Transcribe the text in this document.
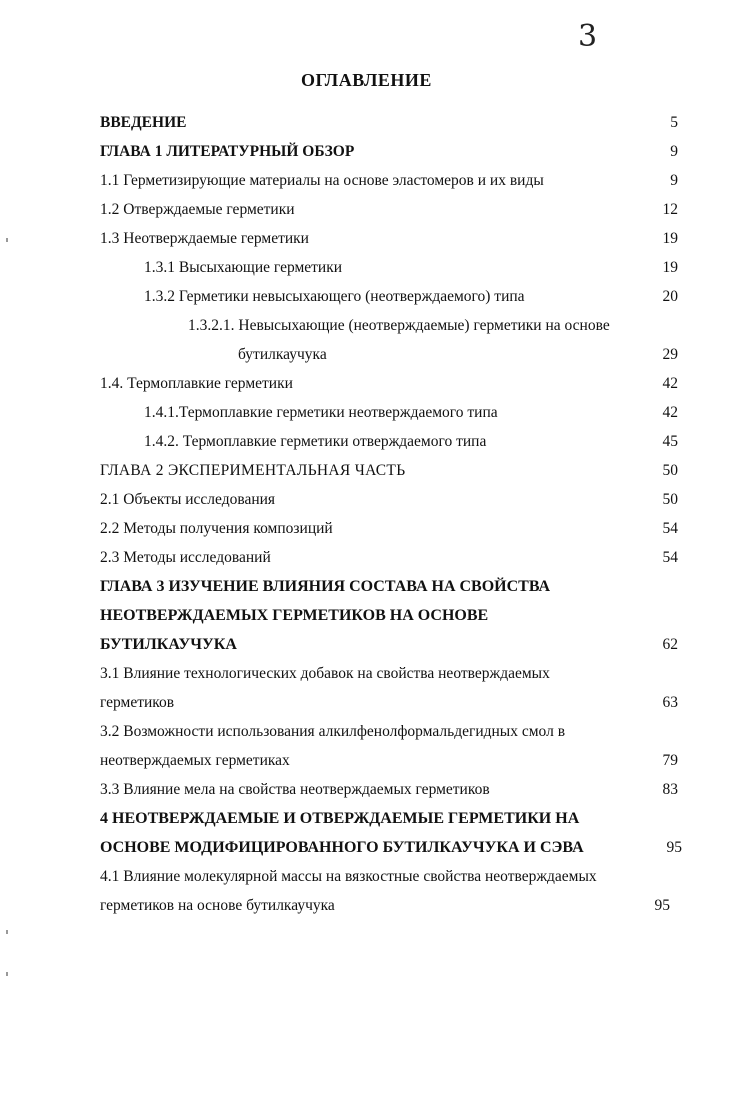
3
ОГЛАВЛЕНИЕ
ВВЕДЕНИЕ	5
ГЛАВА 1 ЛИТЕРАТУРНЫЙ ОБЗОР	9
1.1 Герметизирующие материалы на основе эластомеров и их виды	9
1.2 Отверждаемые герметики	12
1.3 Неотверждаемые герметики	19
1.3.1 Высыхающие герметики	19
1.3.2 Герметики невысыхающего (неотверждаемого) типа	20
1.3.2.1. Невысыхающие (неотверждаемые) герметики на основе
бутилкаучука	29
1.4. Термоплавкие герметики	42
1.4.1.Термоплавкие герметики неотверждаемого типа	42
1.4.2. Термоплавкие герметики отверждаемого типа	45
ГЛАВА 2 ЭКСПЕРИМЕНТАЛЬНАЯ ЧАСТЬ	50
2.1 Объекты исследования	50
2.2 Методы получения композиций	54
2.3 Методы исследований	54
ГЛАВА 3 ИЗУЧЕНИЕ ВЛИЯНИЯ СОСТАВА НА СВОЙСТВА
НЕОТВЕРЖДАЕМЫХ ГЕРМЕТИКОВ НА ОСНОВЕ
БУТИЛКАУЧУКА	62
3.1 Влияние технологических добавок на свойства неотверждаемых
герметиков	63
3.2 Возможности использования алкилфенолформальдегидных смол в
неотверждаемых герметиках	79
3.3 Влияние мела на свойства неотверждаемых герметиков	83
4 НЕОТВЕРЖДАЕМЫЕ И ОТВЕРЖДАЕМЫЕ ГЕРМЕТИКИ НА
ОСНОВЕ МОДИФИЦИРОВАННОГО БУТИЛКАУЧУКА И СЭВА	95
4.1 Влияние молекулярной массы на вязкостные свойства неотверждаемых
герметиков на основе бутилкаучука	95
